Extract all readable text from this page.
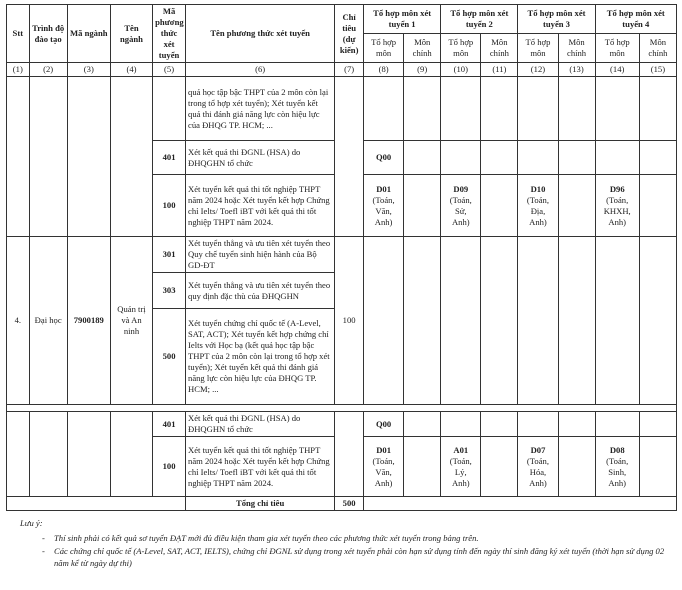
Stt	Trình độ đào tạo	Mã ngành	Tên ngành	Mã phương thức xét tuyển	Tên phương thức xét tuyển	Chỉ tiêu (dự kiến)	Tổ hợp môn xét tuyển 1		Tổ hợp môn xét tuyển 2		Tổ hợp môn xét tuyển 3		Tổ hợp môn xét tuyển 4	
							Tổ hợp môn	Môn chính	Tổ hợp môn	Môn chính	Tổ hợp môn	Môn chính	Tổ hợp môn	Môn chính
(1)	(2)	(3)	(4)	(5)	(6)	(7)	(8)	(9)	(10)	(11)	(12)	(13)	(14)	(15)
					quả học tập bậc THPT của 2 môn còn lại trong tổ hợp xét tuyển); Xét tuyển kết quả thi đánh giá năng lực còn hiệu lực của ĐHQG TP. HCM; ...									
				401	Xét kết quả thi ĐGNL (HSA) do ĐHQGHN tổ chức		Q00							
				100	Xét tuyển kết quả thi tốt nghiệp THPT năm 2024 hoặc Xét tuyển kết hợp Chứng chỉ Ielts/ Toefl iBT với kết quả thi tốt nghiệp THPT năm 2024.		D01
(Toán,
Văn,
Anh)		D09
(Toán,
Sử,
Anh)		D10
(Toán,
Địa,
Anh)		D96
(Toán,
KHXH,
Anh)	

4.	Đại học	7900189	Quản trị và An ninh	301	Xét tuyển thẳng và ưu tiên xét tuyển theo Quy chế tuyển sinh hiện hành của Bộ GD-ĐT	100								
				303	Xét tuyển thẳng và ưu tiên xét tuyển theo quy định đặc thù của ĐHQGHN									
				500	Xét tuyển chứng chỉ quốc tế (A-Level, SAT, ACT); Xét tuyển kết hợp chứng chỉ Ielts với Học bạ (kết quả học tập bậc THPT của 2 môn còn lại trong tổ hợp xét tuyển); Xét tuyển kết quả thi đánh giá năng lực còn hiệu lực của ĐHQG TP. HCM; ...									

				401	Xét kết quả thi ĐGNL (HSA) do ĐHQGHN tổ chức		Q00							
				100	Xét tuyển kết quả thi tốt nghiệp THPT năm 2024 hoặc Xét tuyển kết hợp Chứng chỉ Ielts/ Toefl iBT với kết quả thi tốt nghiệp THPT năm 2024.		D01
(Toán,
Văn,
Anh)		A01
(Toán,
Lý,
Anh)		D07
(Toán,
Hóa,
Anh)		D08
(Toán,
Sinh,
Anh)	

					Tổng chỉ tiêu	500								
Lưu ý:
-	Thí sinh phải có kết quả sơ tuyển ĐẠT mới đủ điều kiện tham gia xét tuyển theo các phương thức xét tuyển trong bảng trên.
-	Các chứng chỉ quốc tế (A-Level, SAT, ACT, IELTS), chứng chỉ ĐGNL sử dụng trong xét tuyển phải còn hạn sử dụng tính đến ngày thí sinh đăng ký xét tuyển (thời hạn sử dụng 02 năm kể từ ngày dự thi)
